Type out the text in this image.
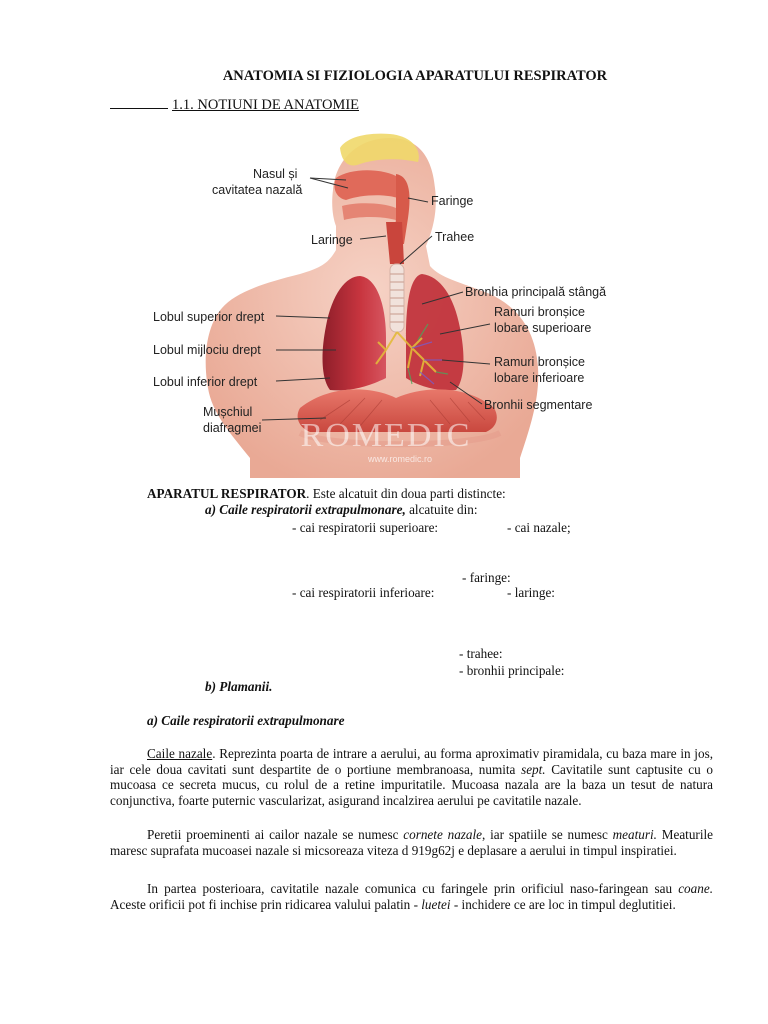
ANATOMIA SI FIZIOLOGIA APARATULUI RESPIRATOR
1.1. NOTIUNI DE ANATOMIE
ROMEDIC
www.romedic.ro
Nasul și
cavitatea nazală
Faringe
Laringe	Trahee
Bronhia principală stângă
Lobul superior drept	Ramuri bronșice
lobare superioare
Lobul mijlociu drept
Ramuri bronșice
lobare inferioare
Lobul inferior drept
Bronhii segmentare
Mușchiul
diafragmei
APARATUL RESPIRATOR. Este alcatuit din doua parti distincte:
a) Caile respiratorii extrapulmonare, alcatuite din:
- cai respiratorii superioare:	- cai nazale;
- faringe:
- cai respiratorii inferioare:	- laringe:
- trahee:
- bronhii principale:
b) Plamanii.
a) Caile respiratorii extrapulmonare
Caile nazale. Reprezinta poarta de intrare a aerului, au forma aproximativ piramidala, cu baza mare in jos, iar cele doua cavitati sunt despartite de o portiune membranoasa, numita sept. Cavitatile sunt captusite cu o mucoasa ce secreta mucus, cu rolul de a retine impuritatile. Mucoasa nazala are la baza un tesut de natura conjunctiva, foarte puternic vascularizat, asigurand incalzirea aerului pe cavitatile nazale.
Peretii proeminenti ai cailor nazale se numesc cornete nazale, iar spatiile se numesc meaturi. Meaturile maresc suprafata mucoasei nazale si micsoreaza viteza d 919g62j e deplasare a aerului in timpul inspiratiei.
In partea posterioara, cavitatile nazale comunica cu faringele prin orificiul naso-faringean sau coane. Aceste orificii pot fi inchise prin ridicarea valului palatin - luetei - inchidere ce are loc in timpul deglutitiei.
